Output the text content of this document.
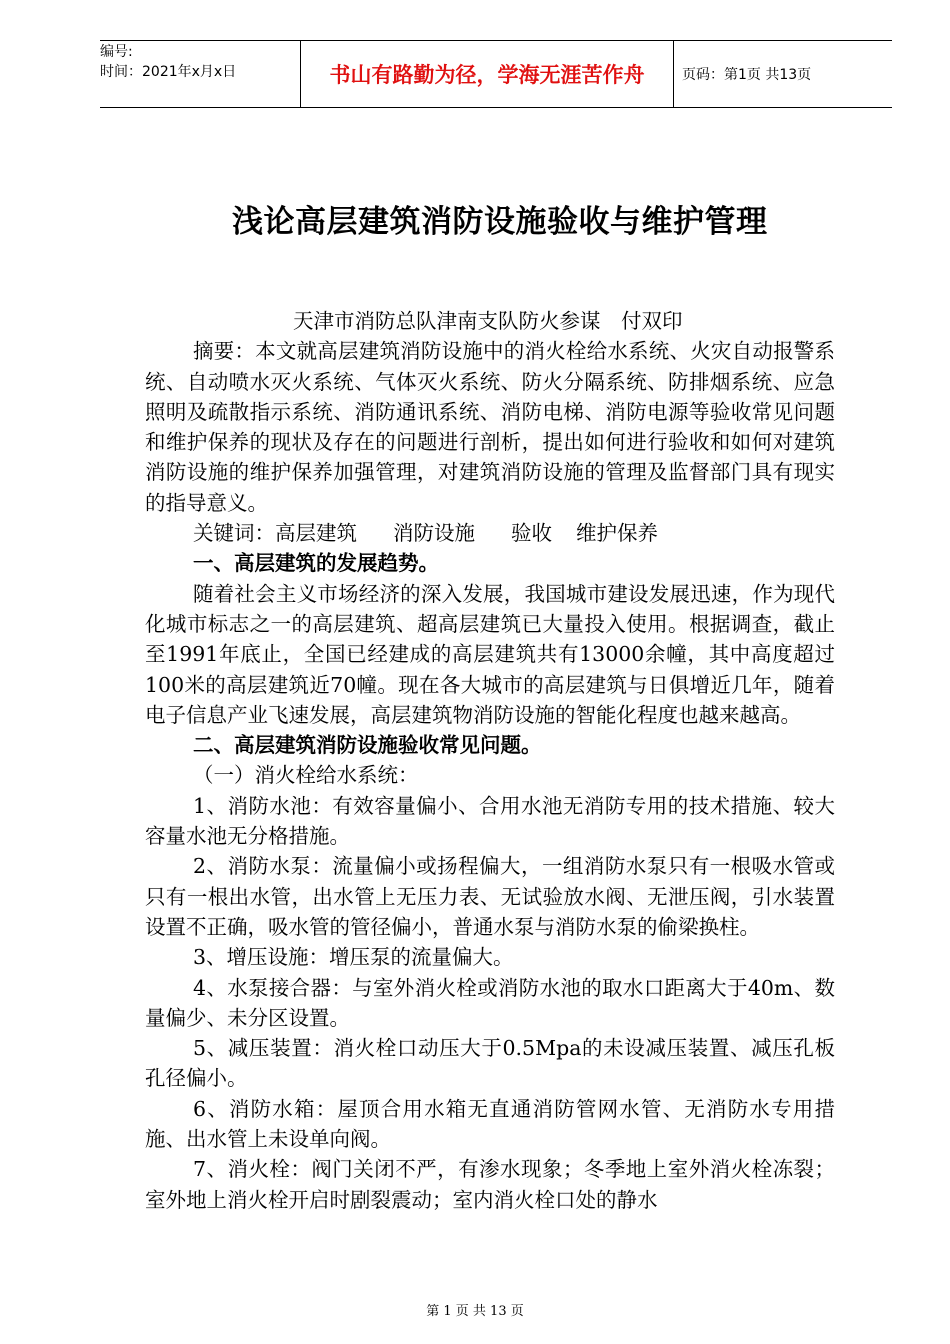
编号:
时间：2021年x月x日	书山有路勤为径，学海无涯苦作舟	页码：第1页 共13页
浅论高层建筑消防设施验收与维护管理

天津市消防总队津南支队防火参谋　付双印

摘要：本文就高层建筑消防设施中的消火栓给水系统、火灾自动报警系统、自动喷水灭火系统、气体灭火系统、防火分隔系统、防排烟系统、应急照明及疏散指示系统、消防通讯系统、消防电梯、消防电源等验收常见问题和维护保养的现状及存在的问题进行剖析，提出如何进行验收和如何对建筑消防设施的维护保养加强管理，对建筑消防设施的管理及监督部门具有现实的指导意义。

关键词：高层建筑 消防设施 验收 维护保养

一、高层建筑的发展趋势。

随着社会主义市场经济的深入发展，我国城市建设发展迅速，作为现代化城市标志之一的高层建筑、超高层建筑已大量投入使用。根据调查，截止至1991年底止，全国已经建成的高层建筑共有13000余幢，其中高度超过100米的高层建筑近70幢。现在各大城市的高层建筑与日俱增近几年，随着电子信息产业飞速发展，高层建筑物消防设施的智能化程度也越来越高。

二、高层建筑消防设施验收常见问题。

（一）消火栓给水系统：

1、消防水池：有效容量偏小、合用水池无消防专用的技术措施、较大容量水池无分格措施。

2、消防水泵：流量偏小或扬程偏大，一组消防水泵只有一根吸水管或只有一根出水管，出水管上无压力表、无试验放水阀、无泄压阀，引水装置设置不正确，吸水管的管径偏小，普通水泵与消防水泵的偷梁换柱。

3、增压设施：增压泵的流量偏大。

4、水泵接合器：与室外消火栓或消防水池的取水口距离大于40m、数量偏少、未分区设置。

5、减压装置：消火栓口动压大于0.5Mpa的未设减压装置、减压孔板孔径偏小。

6、消防水箱：屋顶合用水箱无直通消防管网水管、无消防水专用措施、出水管上未设单向阀。

7、消火栓：阀门关闭不严，有渗水现象；冬季地上室外消火栓冻裂；室外地上消火栓开启时剧裂震动；室内消火栓口处的静水

第 1 页 共 13 页
